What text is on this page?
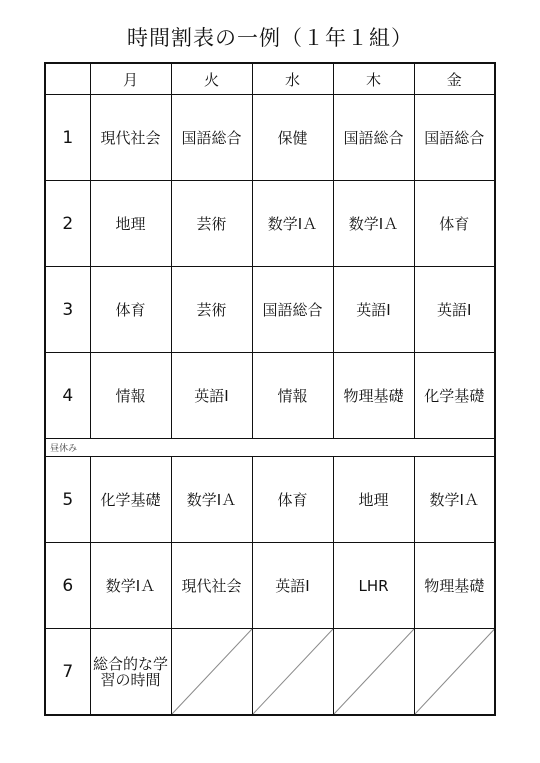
時間割表の一例（１年１組）
	月	火	水	木	金
1	現代社会	国語総合	保健	国語総合	国語総合
2	地理	芸術	数学ⅠＡ	数学ⅠＡ	体育
3	体育	芸術	国語総合	英語Ⅰ	英語Ⅰ
4	情報	英語Ⅰ	情報	物理基礎	化学基礎
昼休み					
5	化学基礎	数学ⅠＡ	体育	地理	数学ⅠＡ
6	数学ⅠＡ	現代社会	英語Ⅰ	LHR	物理基礎
7	総合的な学習の時間	
